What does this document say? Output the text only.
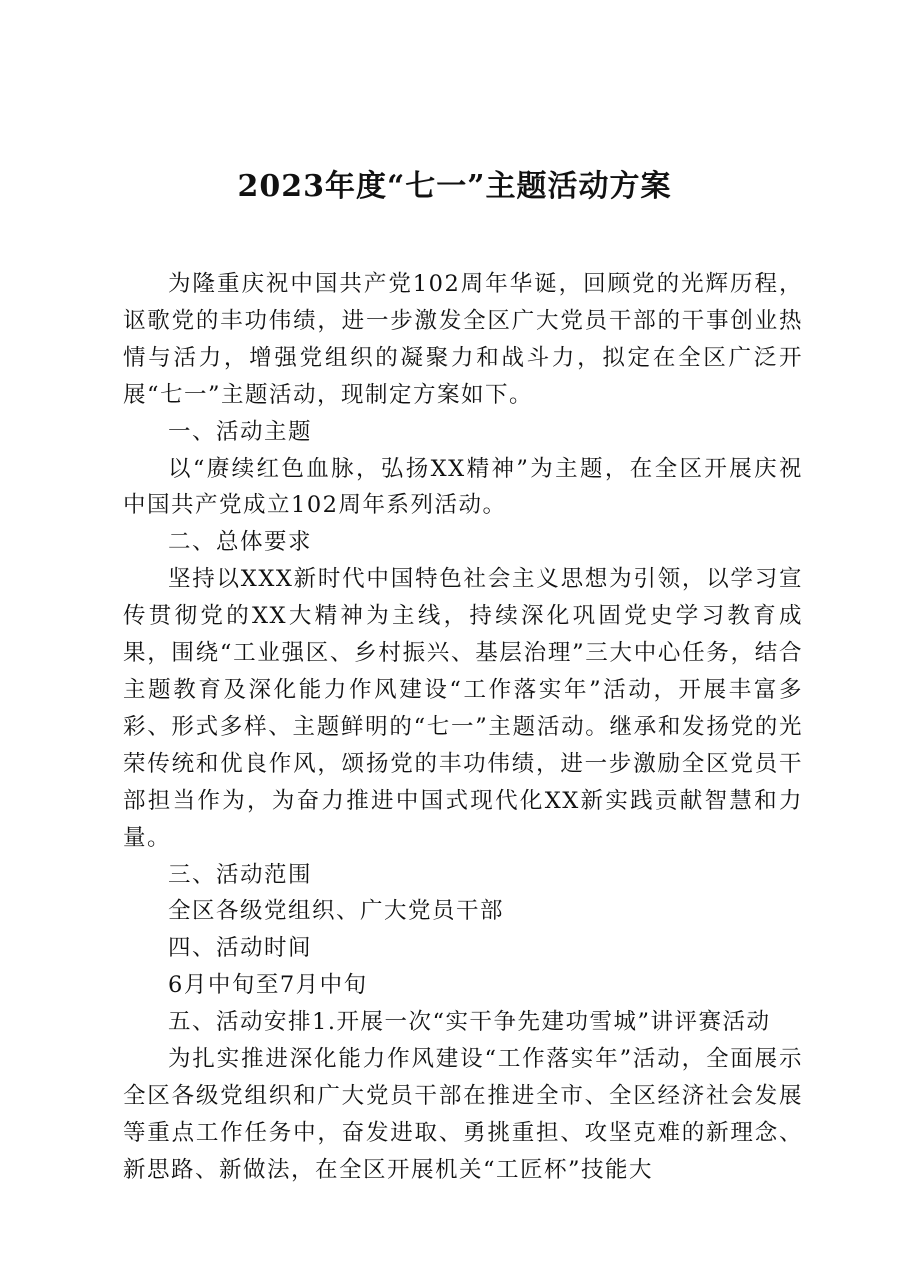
2023年度“七一”主题活动方案

为隆重庆祝中国共产党102周年华诞，回顾党的光辉历程，讴歌党的丰功伟绩，进一步激发全区广大党员干部的干事创业热情与活力，增强党组织的凝聚力和战斗力，拟定在全区广泛开展“七一”主题活动，现制定方案如下。

一、活动主题

以“赓续红色血脉，弘扬XX精神”为主题，在全区开展庆祝中国共产党成立102周年系列活动。

二、总体要求

坚持以XXX新时代中国特色社会主义思想为引领，以学习宣传贯彻党的XX大精神为主线，持续深化巩固党史学习教育成果，围绕“工业强区、乡村振兴、基层治理”三大中心任务，结合主题教育及深化能力作风建设“工作落实年”活动，开展丰富多彩、形式多样、主题鲜明的“七一”主题活动。继承和发扬党的光荣传统和优良作风，颂扬党的丰功伟绩，进一步激励全区党员干部担当作为，为奋力推进中国式现代化XX新实践贡献智慧和力量。

三、活动范围

全区各级党组织、广大党员干部

四、活动时间

6月中旬至7月中旬

五、活动安排1.开展一次“实干争先建功雪城”讲评赛活动

为扎实推进深化能力作风建设“工作落实年”活动，全面展示全区各级党组织和广大党员干部在推进全市、全区经济社会发展等重点工作任务中，奋发进取、勇挑重担、攻坚克难的新理念、新思路、新做法，在全区开展机关“工匠杯”技能大
